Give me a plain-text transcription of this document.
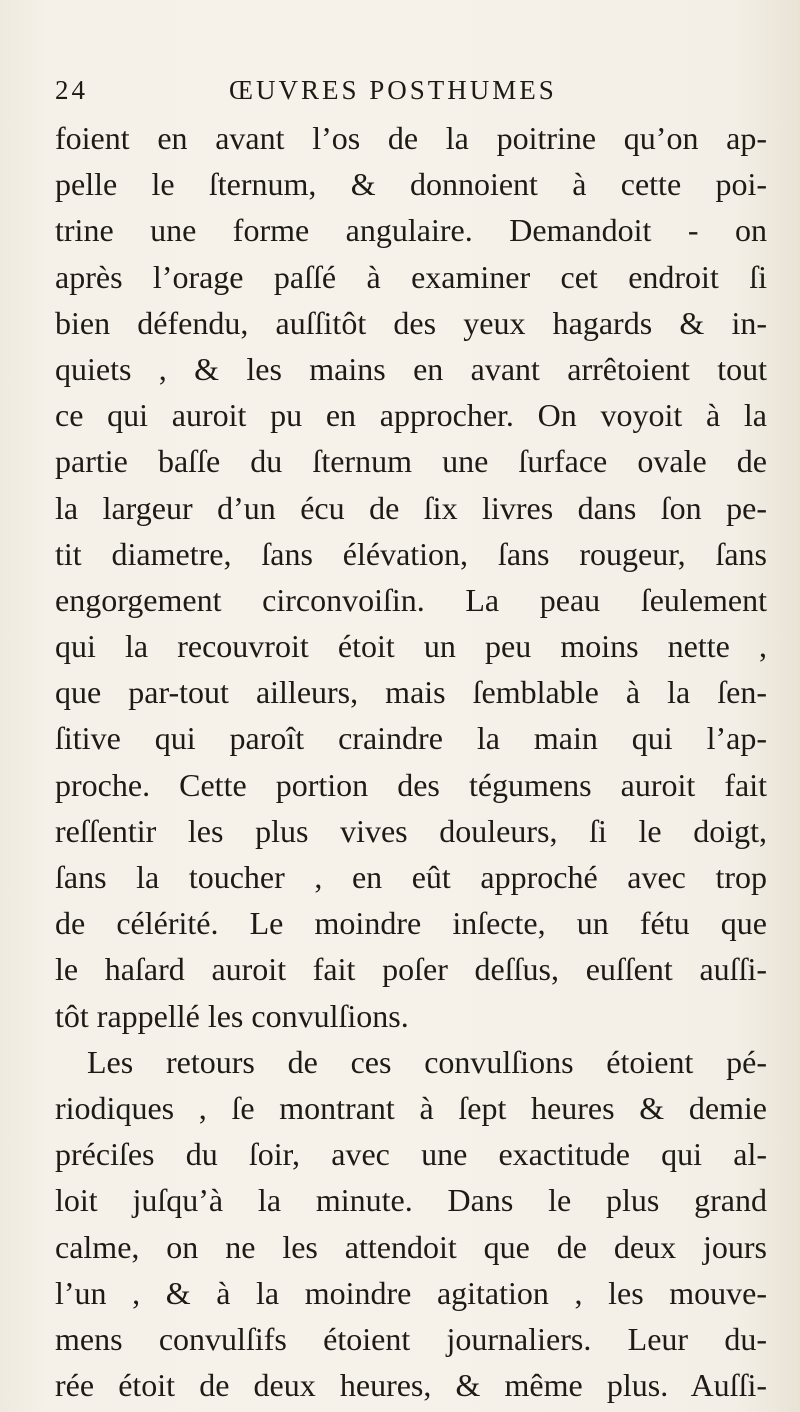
24	ŒUVRES POSTHUMES
foient en avant l’os de la poitrine qu’on ap-
pelle le ſternum, & donnoient à cette poi-
trine une forme angulaire. Demandoit - on
après l’orage paſſé à examiner cet endroit ſi
bien défendu, auſſitôt des yeux hagards & in-
quiets , & les mains en avant arrêtoient tout
ce qui auroit pu en approcher. On voyoit à la
partie baſſe du ſternum une ſurface ovale de
la largeur d’un écu de ſix livres dans ſon pe-
tit diametre, ſans élévation, ſans rougeur, ſans
engorgement circonvoiſin. La peau ſeulement
qui la recouvroit étoit un peu moins nette ,
que par-tout ailleurs, mais ſemblable à la ſen-
ſitive qui paroît craindre la main qui l’ap-
proche. Cette portion des tégumens auroit fait
reſſentir les plus vives douleurs, ſi le doigt,
ſans la toucher , en eût approché avec trop
de célérité. Le moindre inſecte, un fétu que
le haſard auroit fait poſer deſſus, euſſent auſſi-
tôt rappellé les convulſions.
Les retours de ces convulſions étoient pé-
riodiques , ſe montrant à ſept heures & demie
préciſes du ſoir, avec une exactitude qui al-
loit juſqu’à la minute. Dans le plus grand
calme, on ne les attendoit que de deux jours
l’un , & à la moindre agitation , les mouve-
mens convulſifs étoient journaliers. Leur du-
rée étoit de deux heures, & même plus. Auſſi-
